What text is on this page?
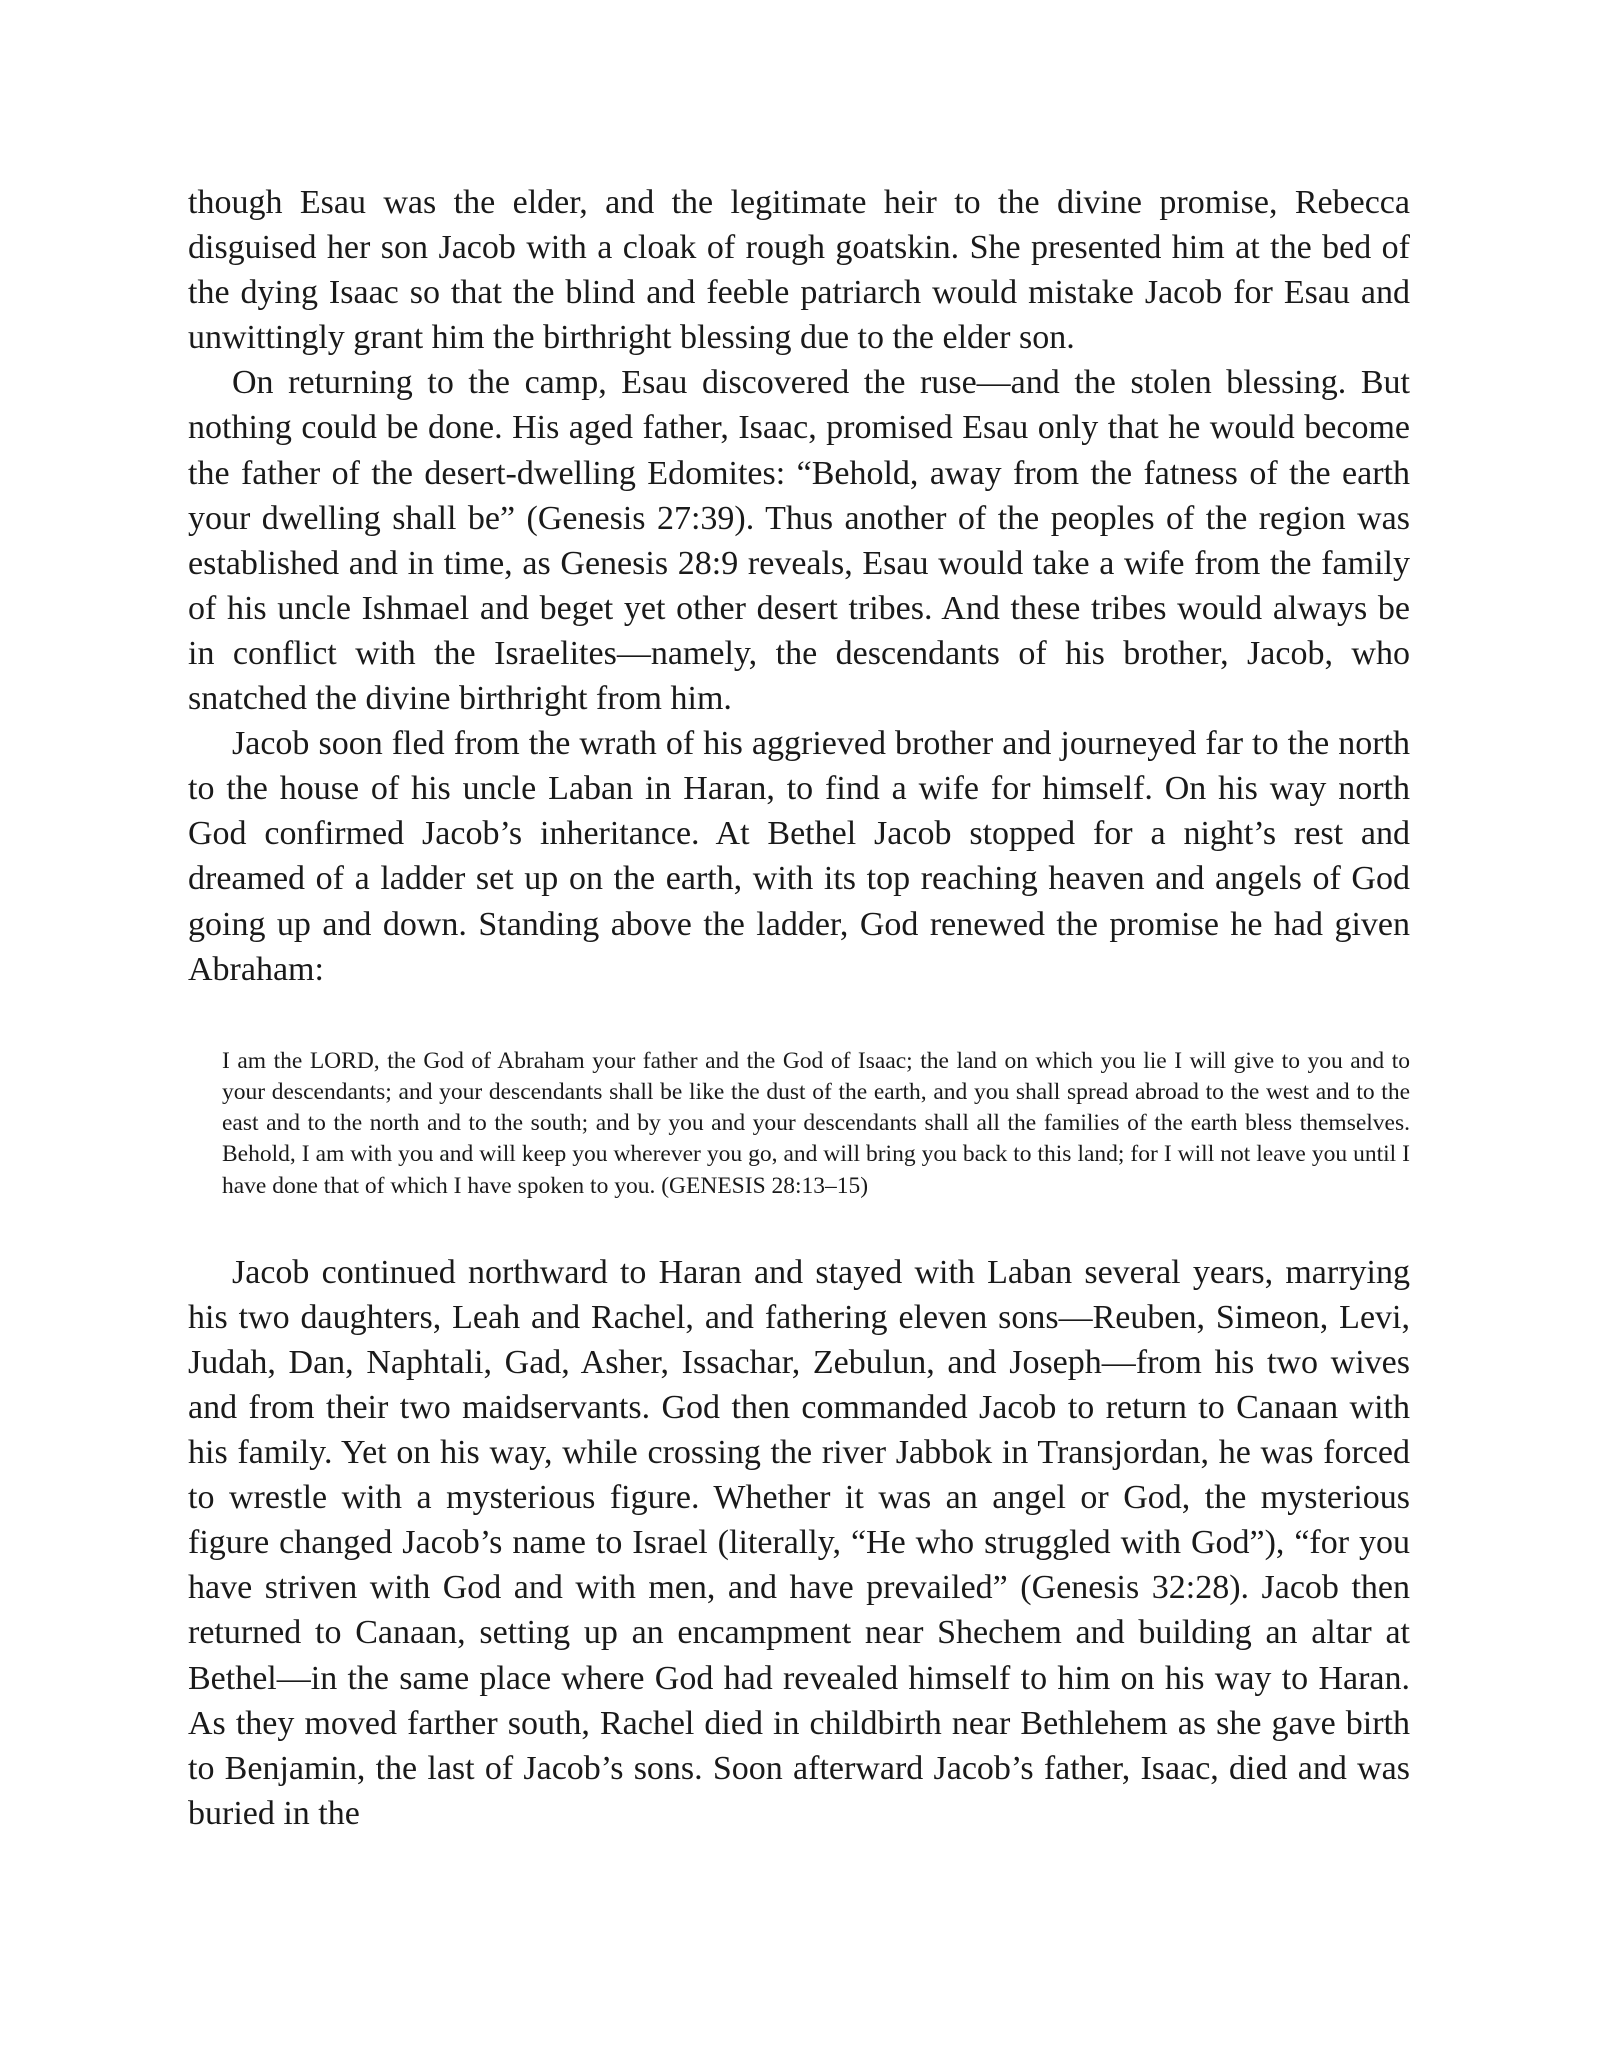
though Esau was the elder, and the legitimate heir to the divine promise, Rebecca disguised her son Jacob with a cloak of rough goatskin. She presented him at the bed of the dying Isaac so that the blind and feeble patriarch would mistake Jacob for Esau and unwittingly grant him the birthright blessing due to the elder son.

On returning to the camp, Esau discovered the ruse—and the stolen blessing. But nothing could be done. His aged father, Isaac, promised Esau only that he would become the father of the desert-dwelling Edomites: “Behold, away from the fatness of the earth your dwelling shall be” (Genesis 27:39). Thus another of the peoples of the region was established and in time, as Genesis 28:9 reveals, Esau would take a wife from the family of his uncle Ishmael and beget yet other desert tribes. And these tribes would always be in conflict with the Israelites—namely, the descendants of his brother, Jacob, who snatched the divine birthright from him.

Jacob soon fled from the wrath of his aggrieved brother and journeyed far to the north to the house of his uncle Laban in Haran, to find a wife for himself. On his way north God confirmed Jacob’s inheritance. At Bethel Jacob stopped for a night’s rest and dreamed of a ladder set up on the earth, with its top reaching heaven and angels of God going up and down. Standing above the ladder, God renewed the promise he had given Abraham:

I am the LORD, the God of Abraham your father and the God of Isaac; the land on which you lie I will give to you and to your descendants; and your descendants shall be like the dust of the earth, and you shall spread abroad to the west and to the east and to the north and to the south; and by you and your descendants shall all the families of the earth bless themselves. Behold, I am with you and will keep you wherever you go, and will bring you back to this land; for I will not leave you until I have done that of which I have spoken to you. (GENESIS 28:13–15)

Jacob continued northward to Haran and stayed with Laban several years, marrying his two daughters, Leah and Rachel, and fathering eleven sons—Reuben, Simeon, Levi, Judah, Dan, Naphtali, Gad, Asher, Issachar, Zebulun, and Joseph—from his two wives and from their two maidservants. God then commanded Jacob to return to Canaan with his family. Yet on his way, while crossing the river Jabbok in Transjordan, he was forced to wrestle with a mysterious figure. Whether it was an angel or God, the mysterious figure changed Jacob’s name to Israel (literally, “He who struggled with God”), “for you have striven with God and with men, and have prevailed” (Genesis 32:28). Jacob then returned to Canaan, setting up an encampment near Shechem and building an altar at Bethel—in the same place where God had revealed himself to him on his way to Haran. As they moved farther south, Rachel died in childbirth near Bethlehem as she gave birth to Benjamin, the last of Jacob’s sons. Soon afterward Jacob’s father, Isaac, died and was buried in the
